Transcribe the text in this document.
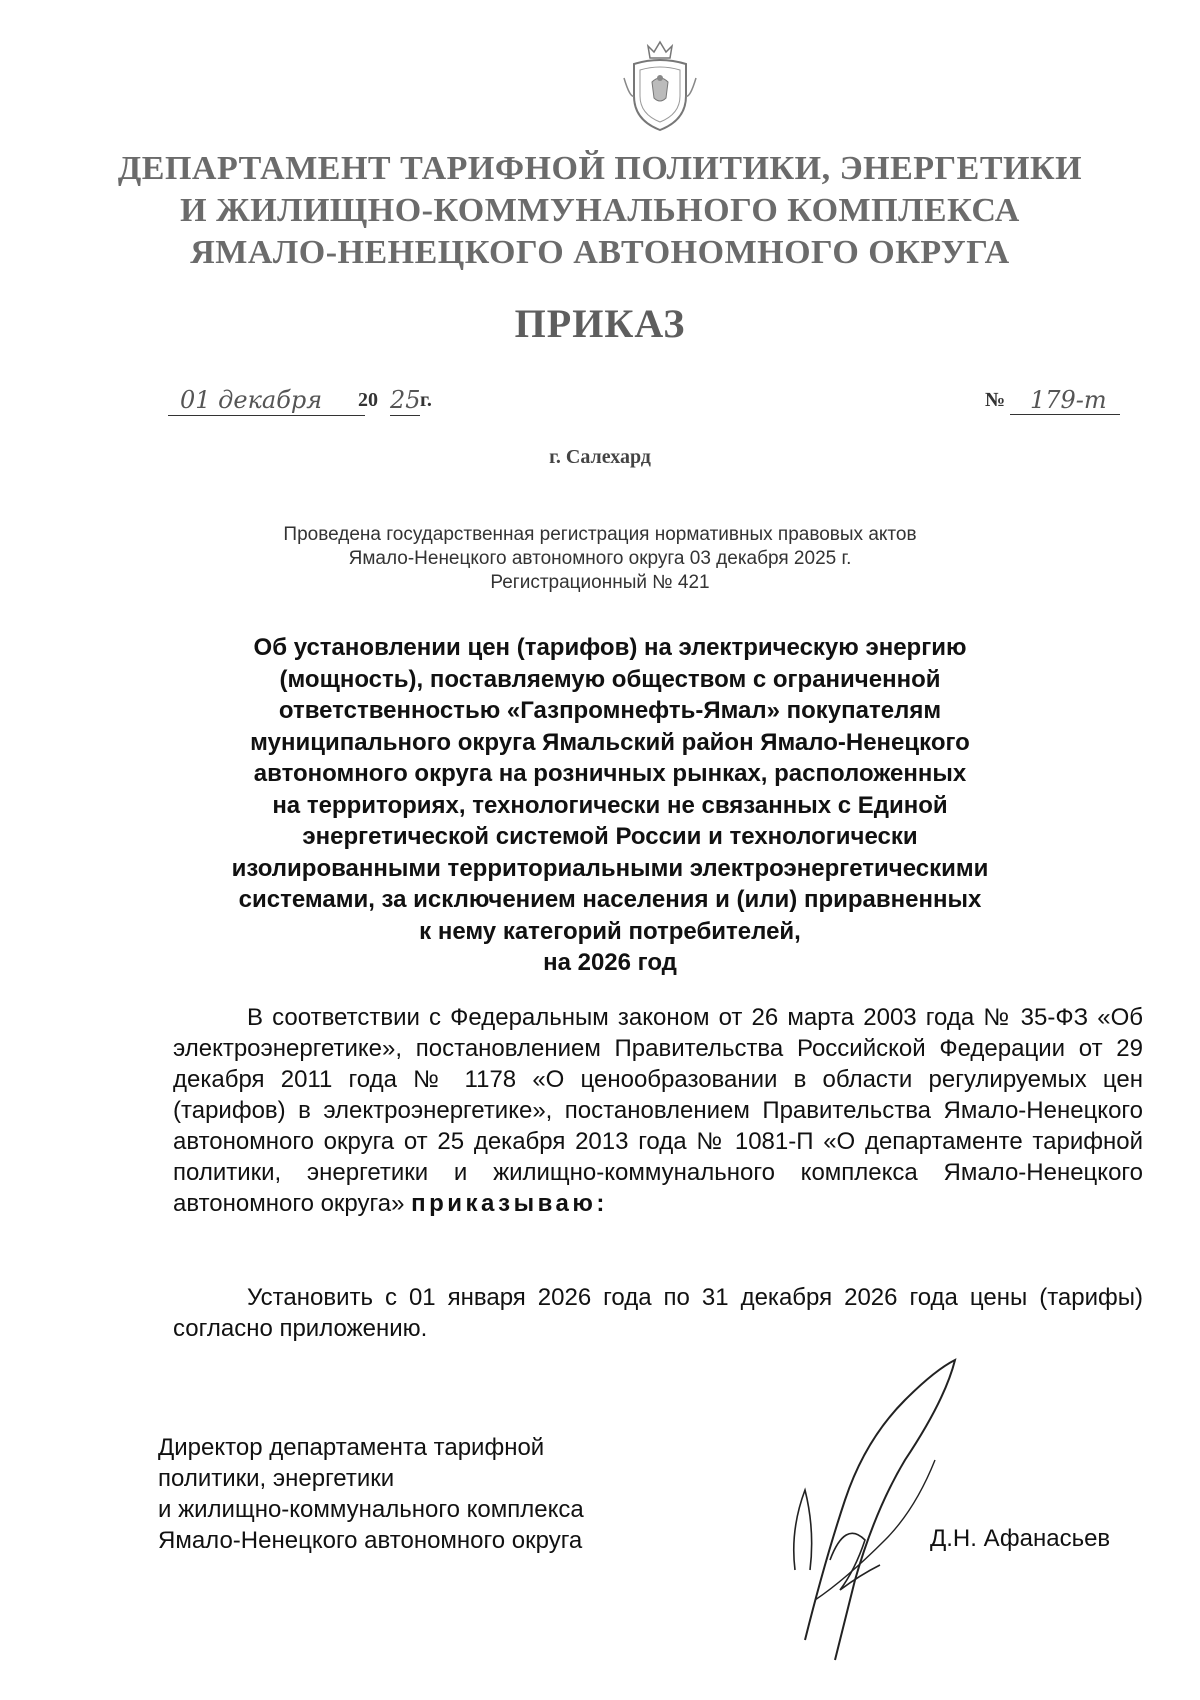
ДЕПАРТАМЕНТ ТАРИФНОЙ ПОЛИТИКИ, ЭНЕРГЕТИКИ
И ЖИЛИЩНО-КОММУНАЛЬНОГО КОМПЛЕКСА
ЯМАЛО-НЕНЕЦКОГО АВТОНОМНОГО ОКРУГА
ПРИКАЗ
01 декабря	20 25 г.	№	179-т
г. Салехард
Проведена государственная регистрация нормативных правовых актов
Ямало-Ненецкого автономного округа 03 декабря 2025 г.
Регистрационный № 421
Об установлении цен (тарифов) на электрическую энергию
(мощность), поставляемую обществом с ограниченной
ответственностью «Газпромнефть-Ямал» покупателям
муниципального округа Ямальский район Ямало-Ненецкого
автономного округа на розничных рынках, расположенных
на территориях, технологически не связанных с Единой
энергетической системой России и технологически
изолированными территориальными электроэнергетическими
системами, за исключением населения и (или) приравненных
к нему категорий потребителей,
на 2026 год
В соответствии с Федеральным законом от 26 марта 2003 года № 35-ФЗ «Об электроэнергетике», постановлением Правительства Российской Федерации от 29 декабря 2011 года № 1178 «О ценообразовании в области регулируемых цен (тарифов) в электроэнергетике», постановлением Правительства Ямало-Ненецкого автономного округа от 25 декабря 2013 года № 1081-П «О департаменте тарифной политики, энергетики и жилищно-коммунального комплекса Ямало-Ненецкого автономного округа» приказываю:
Установить с 01 января 2026 года по 31 декабря 2026 года цены (тарифы) согласно приложению.
Директор департамента тарифной
политики, энергетики
и жилищно-коммунального комплекса
Ямало-Ненецкого автономного округа	Д.Н. Афанасьев
